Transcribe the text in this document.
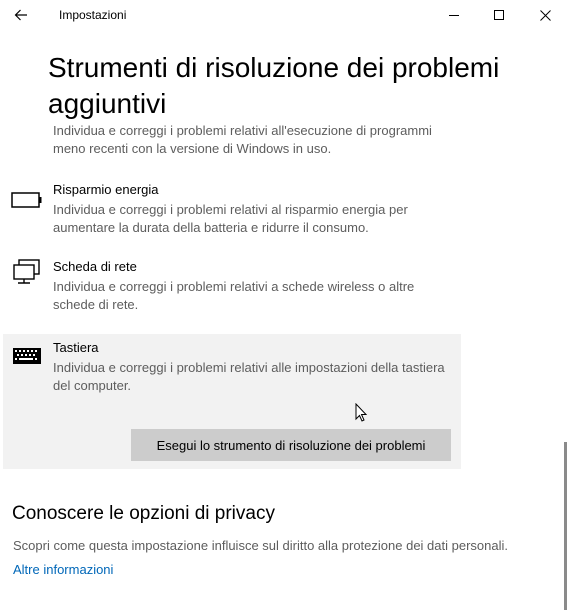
Impostazioni
Individua e correggi i problemi relativi all'esecuzione di programmi meno recenti con la versione di Windows in uso.
Risparmio energia
Individua e correggi i problemi relativi al risparmio energia per aumentare la durata della batteria e ridurre il consumo.
Scheda di rete
Individua e correggi i problemi relativi a schede wireless o altre schede di rete.
Tastiera
Individua e correggi i problemi relativi alle impostazioni della tastiera del computer.
Esegui lo strumento di risoluzione dei problemi
Conoscere le opzioni di privacy
Scopri come questa impostazione influisce sul diritto alla protezione dei dati personali.
Altre informazioni
Strumenti di risoluzione dei problemi aggiuntivi
